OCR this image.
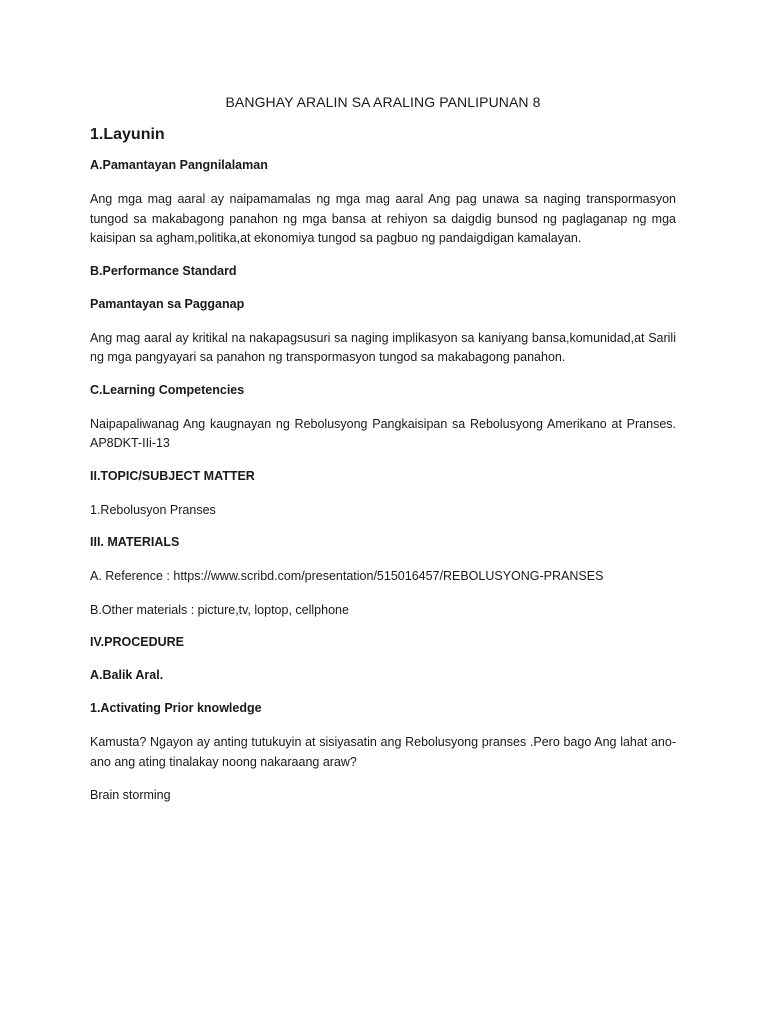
BANGHAY ARALIN SA ARALING PANLIPUNAN 8
1.Layunin
A.Pamantayan Pangnilalaman
Ang mga mag aaral ay naipamamalas ng mga mag aaral Ang pag unawa sa naging transpormasyon tungod sa makabagong panahon ng mga bansa at rehiyon sa daigdig bunsod ng paglaganap ng mga kaisipan sa agham,politika,at ekonomiya tungod sa pagbuo ng pandaigdigan kamalayan.
B.Performance Standard
Pamantayan sa Pagganap
Ang mag aaral ay kritikal na nakapagsusuri sa naging implikasyon sa kaniyang bansa,komunidad,at Sarili ng mga pangyayari sa panahon ng transpormasyon tungod sa makabagong panahon.
C.Learning Competencies
Naipapaliwanag Ang kaugnayan ng Rebolusyong Pangkaisipan sa Rebolusyong Amerikano at Pranses. AP8DKT-IIi-13
II.TOPIC/SUBJECT MATTER
1.Rebolusyon Pranses
III. MATERIALS
A. Reference : https://www.scribd.com/presentation/515016457/REBOLUSYONG-PRANSES
B.Other materials : picture,tv, loptop, cellphone
IV.PROCEDURE
A.Balik Aral.
1.Activating Prior knowledge
Kamusta? Ngayon ay anting tutukuyin at sisiyasatin ang Rebolusyong pranses .Pero bago Ang lahat ano-ano ang ating tinalakay noong nakaraang araw?
Brain storming
